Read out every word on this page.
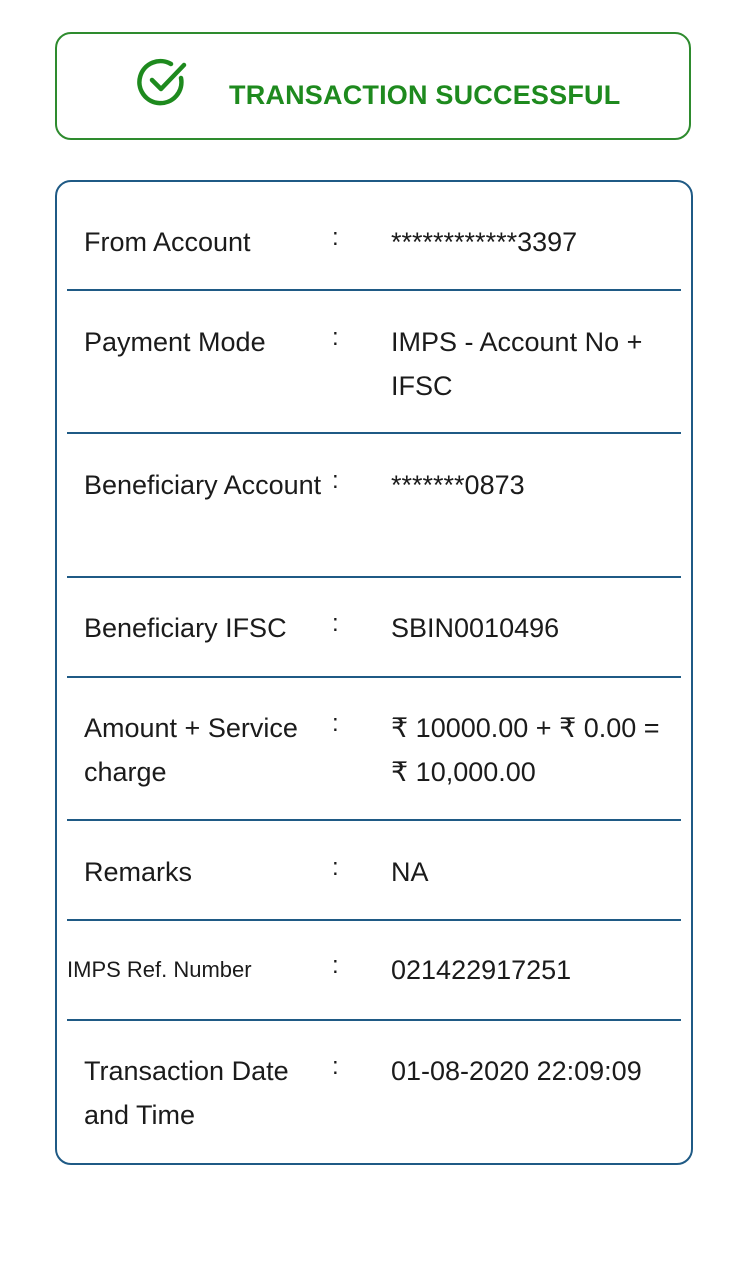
TRANSACTION SUCCESSFUL
From Account	: ************3397
Payment Mode	: IMPS - Account No + IFSC
Beneficiary Account : *******0873
Beneficiary IFSC	: SBIN0010496
Amount + Service charge
: ₹ 10000.00 + ₹ 0.00 = ₹ 10,000.00
Remarks	: NA
IMPS Ref. Number	: 021422917251
Transaction Date and Time
: 01-08-2020 22:09:09
